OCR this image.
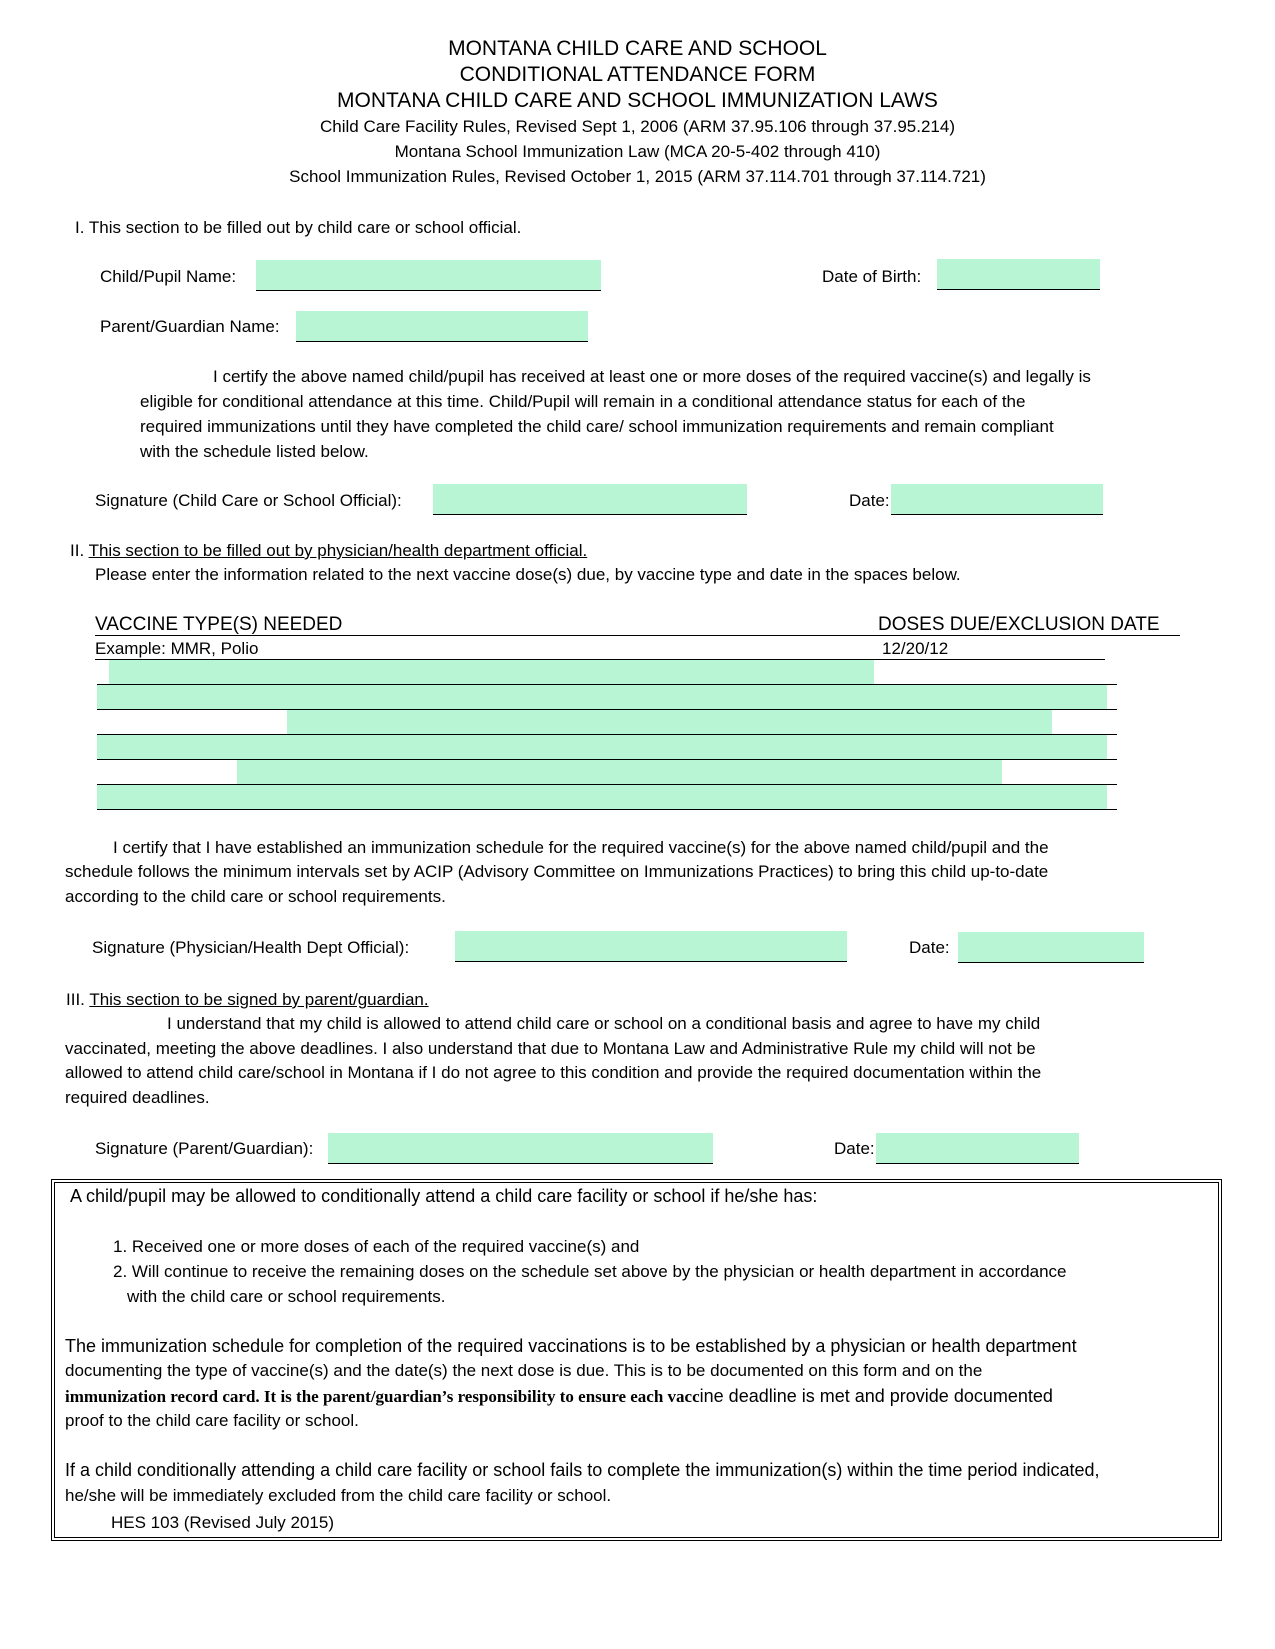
MONTANA CHILD CARE AND SCHOOL
CONDITIONAL ATTENDANCE FORM
MONTANA CHILD CARE AND SCHOOL IMMUNIZATION LAWS
Child Care Facility Rules, Revised Sept 1, 2006 (ARM 37.95.106 through 37.95.214)
Montana School Immunization Law (MCA 20-5-402 through 410)
School Immunization Rules, Revised October 1, 2015 (ARM 37.114.701 through 37.114.721)
I. This section to be filled out by child care or school official.
Child/Pupil Name:	Date of Birth:
Parent/Guardian Name:
I certify the above named child/pupil has received at least one or more doses of the required vaccine(s) and legally is
eligible for conditional attendance at this time. Child/Pupil will remain in a conditional attendance status for each of the
required immunizations until they have completed the child care/ school immunization requirements and remain compliant
with the schedule listed below.
Signature (Child Care or School Official):	Date:
II. This section to be filled out by physician/health department official.
Please enter the information related to the next vaccine dose(s) due, by vaccine type and date in the spaces below.
VACCINE TYPE(S) NEEDED	DOSES DUE/EXCLUSION DATE
Example: MMR, Polio	12/20/12
I certify that I have established an immunization schedule for the required vaccine(s) for the above named child/pupil and the
schedule follows the minimum intervals set by ACIP (Advisory Committee on Immunizations Practices) to bring this child up-to-date
according to the child care or school requirements.
Signature (Physician/Health Dept Official):	Date:
III. This section to be signed by parent/guardian.
I understand that my child is allowed to attend child care or school on a conditional basis and agree to have my child
vaccinated, meeting the above deadlines. I also understand that due to Montana Law and Administrative Rule my child will not be
allowed to attend child care/school in Montana if I do not agree to this condition and provide the required documentation within the
required deadlines.
Signature (Parent/Guardian):	Date:
A child/pupil may be allowed to conditionally attend a child care facility or school if he/she has:
1. Received one or more doses of each of the required vaccine(s) and
2. Will continue to receive the remaining doses on the schedule set above by the physician or health department in accordance
with the child care or school requirements.
The immunization schedule for completion of the required vaccinations is to be established by a physician or health department
documenting the type of vaccine(s) and the date(s) the next dose is due. This is to be documented on this form and on the
immunization record card. It is the parent/guardian’s responsibility to ensure each vaccine deadline is met and provide documented
proof to the child care facility or school.
If a child conditionally attending a child care facility or school fails to complete the immunization(s) within the time period indicated,
he/she will be immediately excluded from the child care facility or school.
HES 103 (Revised July 2015)
